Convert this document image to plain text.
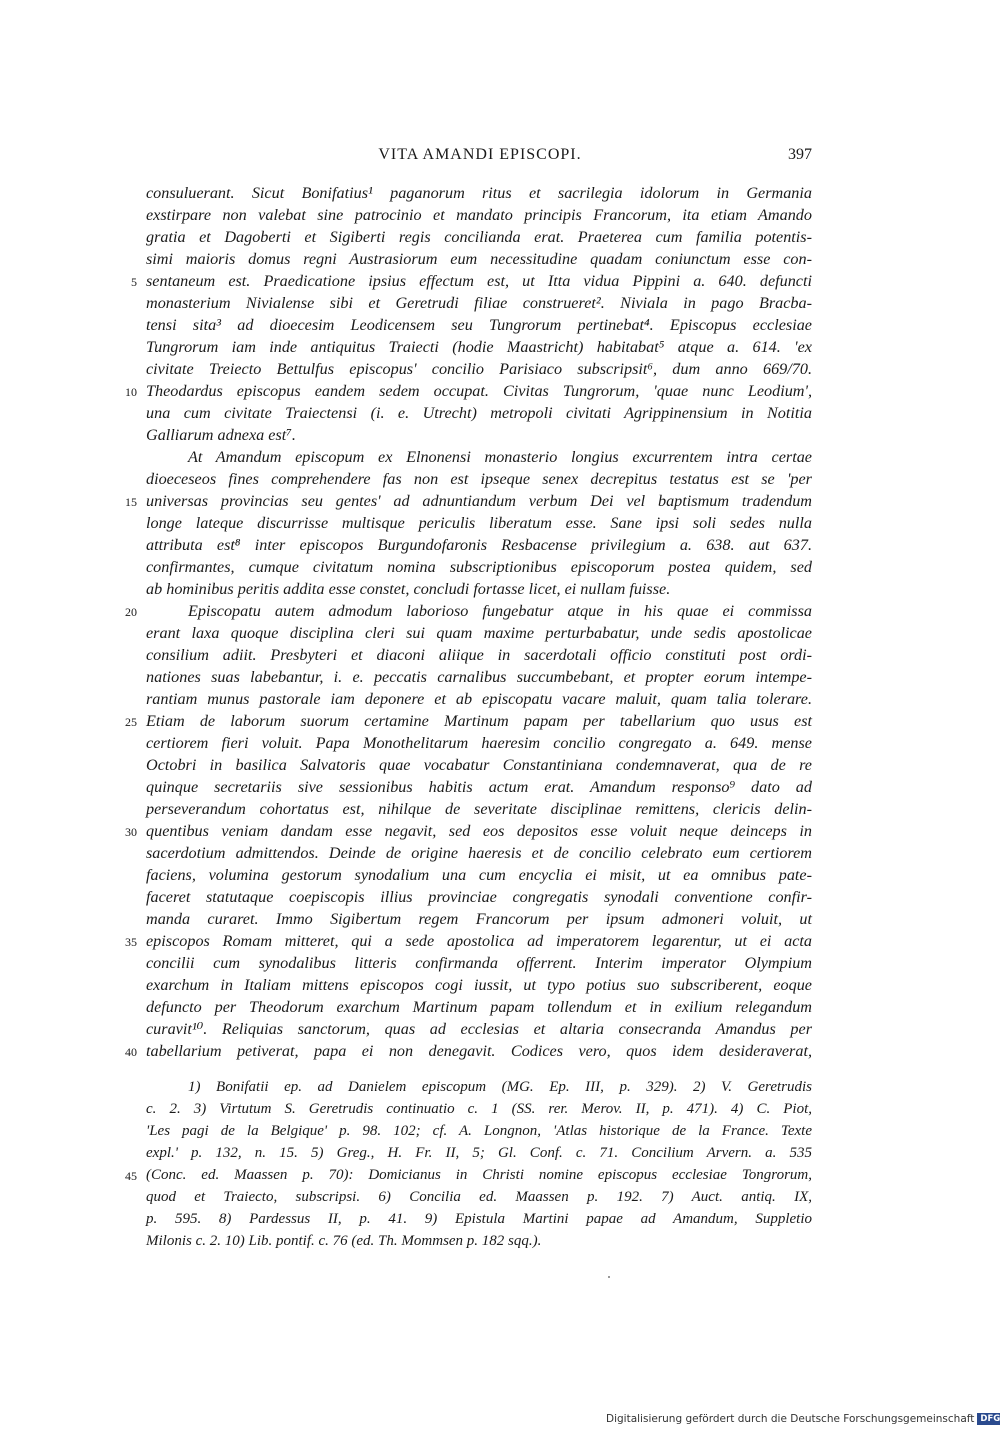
VITA AMANDI EPISCOPI.	397
consuluerant. Sicut Bonifatius¹ paganorum ritus et sacrilegia idolorum in Germania
exstirpare non valebat sine patrocinio et mandato principis Francorum, ita etiam Amando
gratia et Dagoberti et Sigiberti regis concilianda erat. Praeterea cum familia potentis-
simi maioris domus regni Austrasiorum eum necessitudine quadam coniunctum esse con-
sentaneum est. Praedicatione ipsius effectum est, ut Itta vidua Pippini a. 640. defuncti
monasterium Nivialense sibi et Geretrudi filiae construeret². Niviala in pago Bracba-
tensi sita³ ad dioecesim Leodicensem seu Tungrorum pertinebat⁴. Episcopus ecclesiae
Tungrorum iam inde antiquitus Traiecti (hodie Maastricht) habitabat⁵ atque a. 614. 'ex
civitate Treiecto Bettulfus episcopus' concilio Parisiaco subscripsit⁶, dum anno 669/70.
Theodardus episcopus eandem sedem occupat. Civitas Tungrorum, 'quae nunc Leodium',
una cum civitate Traiectensi (i. e. Utrecht) metropoli civitati Agrippinensium in Notitia
Galliarum adnexa est⁷.
At Amandum episcopum ex Elnonensi monasterio longius excurrentem intra certae
dioeceseos fines comprehendere fas non est ipseque senex decrepitus testatus est se 'per
universas provincias seu gentes' ad adnuntiandum verbum Dei vel baptismum tradendum
longe lateque discurrisse multisque periculis liberatum esse. Sane ipsi soli sedes nulla
attributa est⁸ inter episcopos Burgundofaronis Resbacense privilegium a. 638. aut 637.
confirmantes, cumque civitatum nomina subscriptionibus episcoporum postea quidem, sed
ab hominibus peritis addita esse constet, concludi fortasse licet, ei nullam fuisse.
Episcopatu autem admodum laborioso fungebatur atque in his quae ei commissa
erant laxa quoque disciplina cleri sui quam maxime perturbabatur, unde sedis apostolicae
consilium adiit. Presbyteri et diaconi aliique in sacerdotali officio constituti post ordi-
nationes suas labebantur, i. e. peccatis carnalibus succumbebant, et propter eorum intempe-
rantiam munus pastorale iam deponere et ab episcopatu vacare maluit, quam talia tolerare.
Etiam de laborum suorum certamine Martinum papam per tabellarium quo usus est
certiorem fieri voluit. Papa Monothelitarum haeresim concilio congregato a. 649. mense
Octobri in basilica Salvatoris quae vocabatur Constantiniana condemnaverat, qua de re
quinque secretariis sive sessionibus habitis actum erat. Amandum responso⁹ dato ad
perseverandum cohortatus est, nihilque de severitate disciplinae remittens, clericis delin-
quentibus veniam dandam esse negavit, sed eos depositos esse voluit neque deinceps in
sacerdotium admittendos. Deinde de origine haeresis et de concilio celebrato eum certiorem
faciens, volumina gestorum synodalium una cum encyclia ei misit, ut ea omnibus pate-
faceret statutaque coepiscopis illius provinciae congregatis synodali conventione confir-
manda curaret. Immo Sigibertum regem Francorum per ipsum admoneri voluit, ut
episcopos Romam mitteret, qui a sede apostolica ad imperatorem legarentur, ut ei acta
concilii cum synodalibus litteris confirmanda offerrent. Interim imperator Olympium
exarchum in Italiam mittens episcopos cogi iussit, ut typo potius suo subscriberent, eoque
defuncto per Theodorum exarchum Martinum papam tollendum et in exilium relegandum
curavit¹⁰. Reliquias sanctorum, quas ad ecclesias et altaria consecranda Amandus per
tabellarium petiverat, papa ei non denegavit. Codices vero, quos idem desideraverat,
1) Bonifatii ep. ad Danielem episcopum (MG. Ep. III, p. 329). 2) V. Geretrudis
c. 2. 3) Virtutum S. Geretrudis continuatio c. 1 (SS. rer. Merov. II, p. 471). 4) C. Piot,
'Les pagi de la Belgique' p. 98. 102; cf. A. Longnon, 'Atlas historique de la France. Texte
expl.' p. 132, n. 15. 5) Greg., H. Fr. II, 5; Gl. Conf. c. 71. Concilium Arvern. a. 535
(Conc. ed. Maassen p. 70): Domicianus in Christi nomine episcopus ecclesiae Tongrorum,
quod et Traiecto, subscripsi. 6) Concilia ed. Maassen p. 192. 7) Auct. antiq. IX,
p. 595. 8) Pardessus II, p. 41. 9) Epistula Martini papae ad Amandum, Suppletio
Milonis c. 2. 10) Lib. pontif. c. 76 (ed. Th. Mommsen p. 182 sqq.).
5
10
15
20
25
30
35
40
45
Digitalisierung gefördert durch die Deutsche Forschungsgemeinschaft DFG
